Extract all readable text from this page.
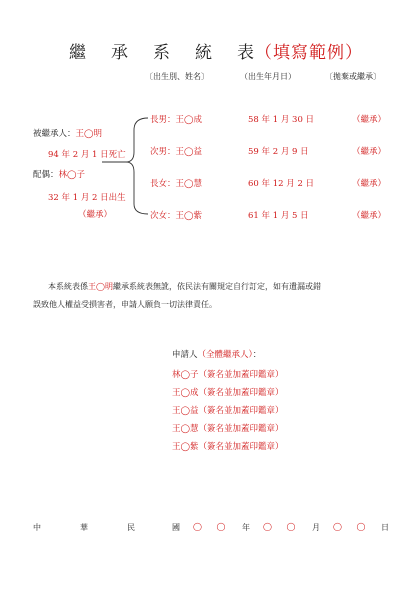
繼 承 系 統 表（填寫範例）
〔出生別、姓名〕	（出生年月日）	〔拋棄或繼承〕
被繼承人：王◯明
94 年 2 月 1 日死亡
配偶：林◯子
32 年 1 月 2 日出生
（繼承）
長男：王◯成	58 年 1 月 30 日	（繼承）
次男：王◯益	59 年 2 月 9 日	（繼承）
長女：王◯慧	60 年 12 月 2 日	（繼承）
次女：王◯紫	61 年 1 月 5 日	（繼承）
本系統表係王◯明繼承系統表無訛，依民法有關規定自行訂定，如有遺漏或錯
誤致他人權益受損害者，申請人願負一切法律責任。
申請人（全體繼承人）：
林◯子（簽名並加蓋印鑑章）
王◯成（簽名並加蓋印鑑章）
王◯益（簽名並加蓋印鑑章）
王◯慧（簽名並加蓋印鑑章）
王◯紫（簽名並加蓋印鑑章）
中	華	民	國 ◯ ◯ 年 ◯ ◯ 月 ◯ ◯ 日
